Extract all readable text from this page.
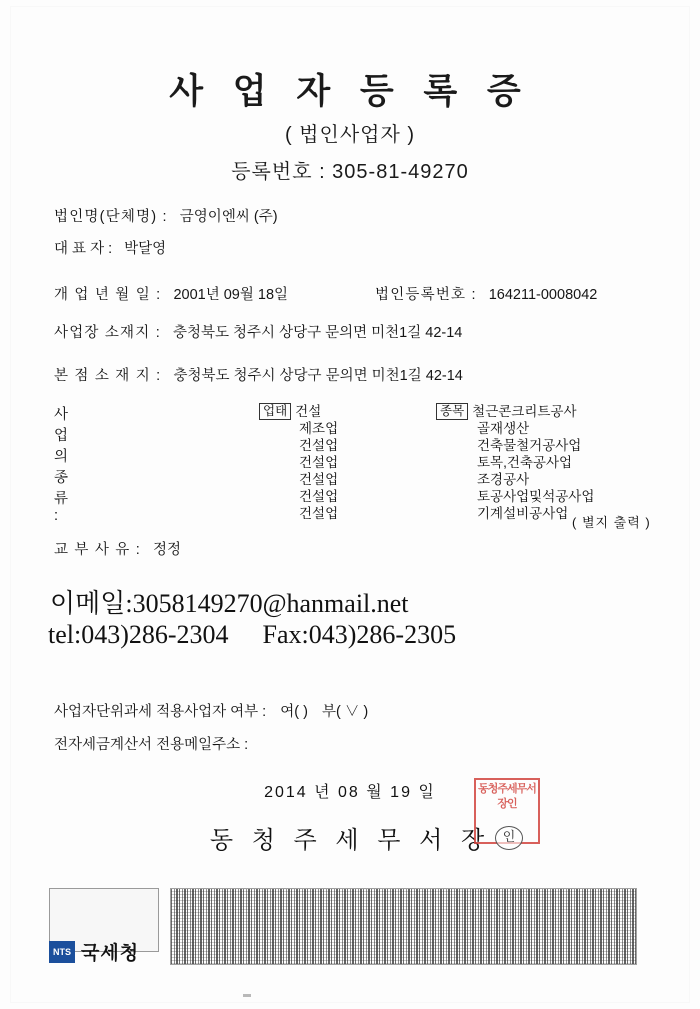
사 업 자 등 록 증
( 법인사업자 )
등록번호 : 305-81-49270
법인명(단체명) : 금영이엔씨 (주)
대 표 자 : 박달영
개 업 년 월 일 : 2001년 09월 18일	법인등록번호 : 164211-0008042
사업장 소재지 : 충청북도 청주시 상당구 문의면 미천1길 42-14
본 점 소 재 지 : 충청북도 청주시 상당구 문의면 미천1길 42-14
사 업 의 종 류 :
업태 건설
제조업
건설업
건설업
건설업
건설업
건설업
종목 철근콘크리트공사
골재생산
건축물철거공사업
토목,건축공사업
조경공사
토공사업및석공사업
기계설비공사업
( 별지 출력 )
교 부 사 유 : 정정
이메일:3058149270@hanmail.net
tel:043)286-2304 Fax:043)286-2305
사업자단위과세 적용사업자 여부 : 여( ) 부( ∨ )
전자세금계산서 전용메일주소 :
2014 년 08 월 19 일
동 청 주 세 무 서 장
동청주세무서장인
인
NTS 국세청
